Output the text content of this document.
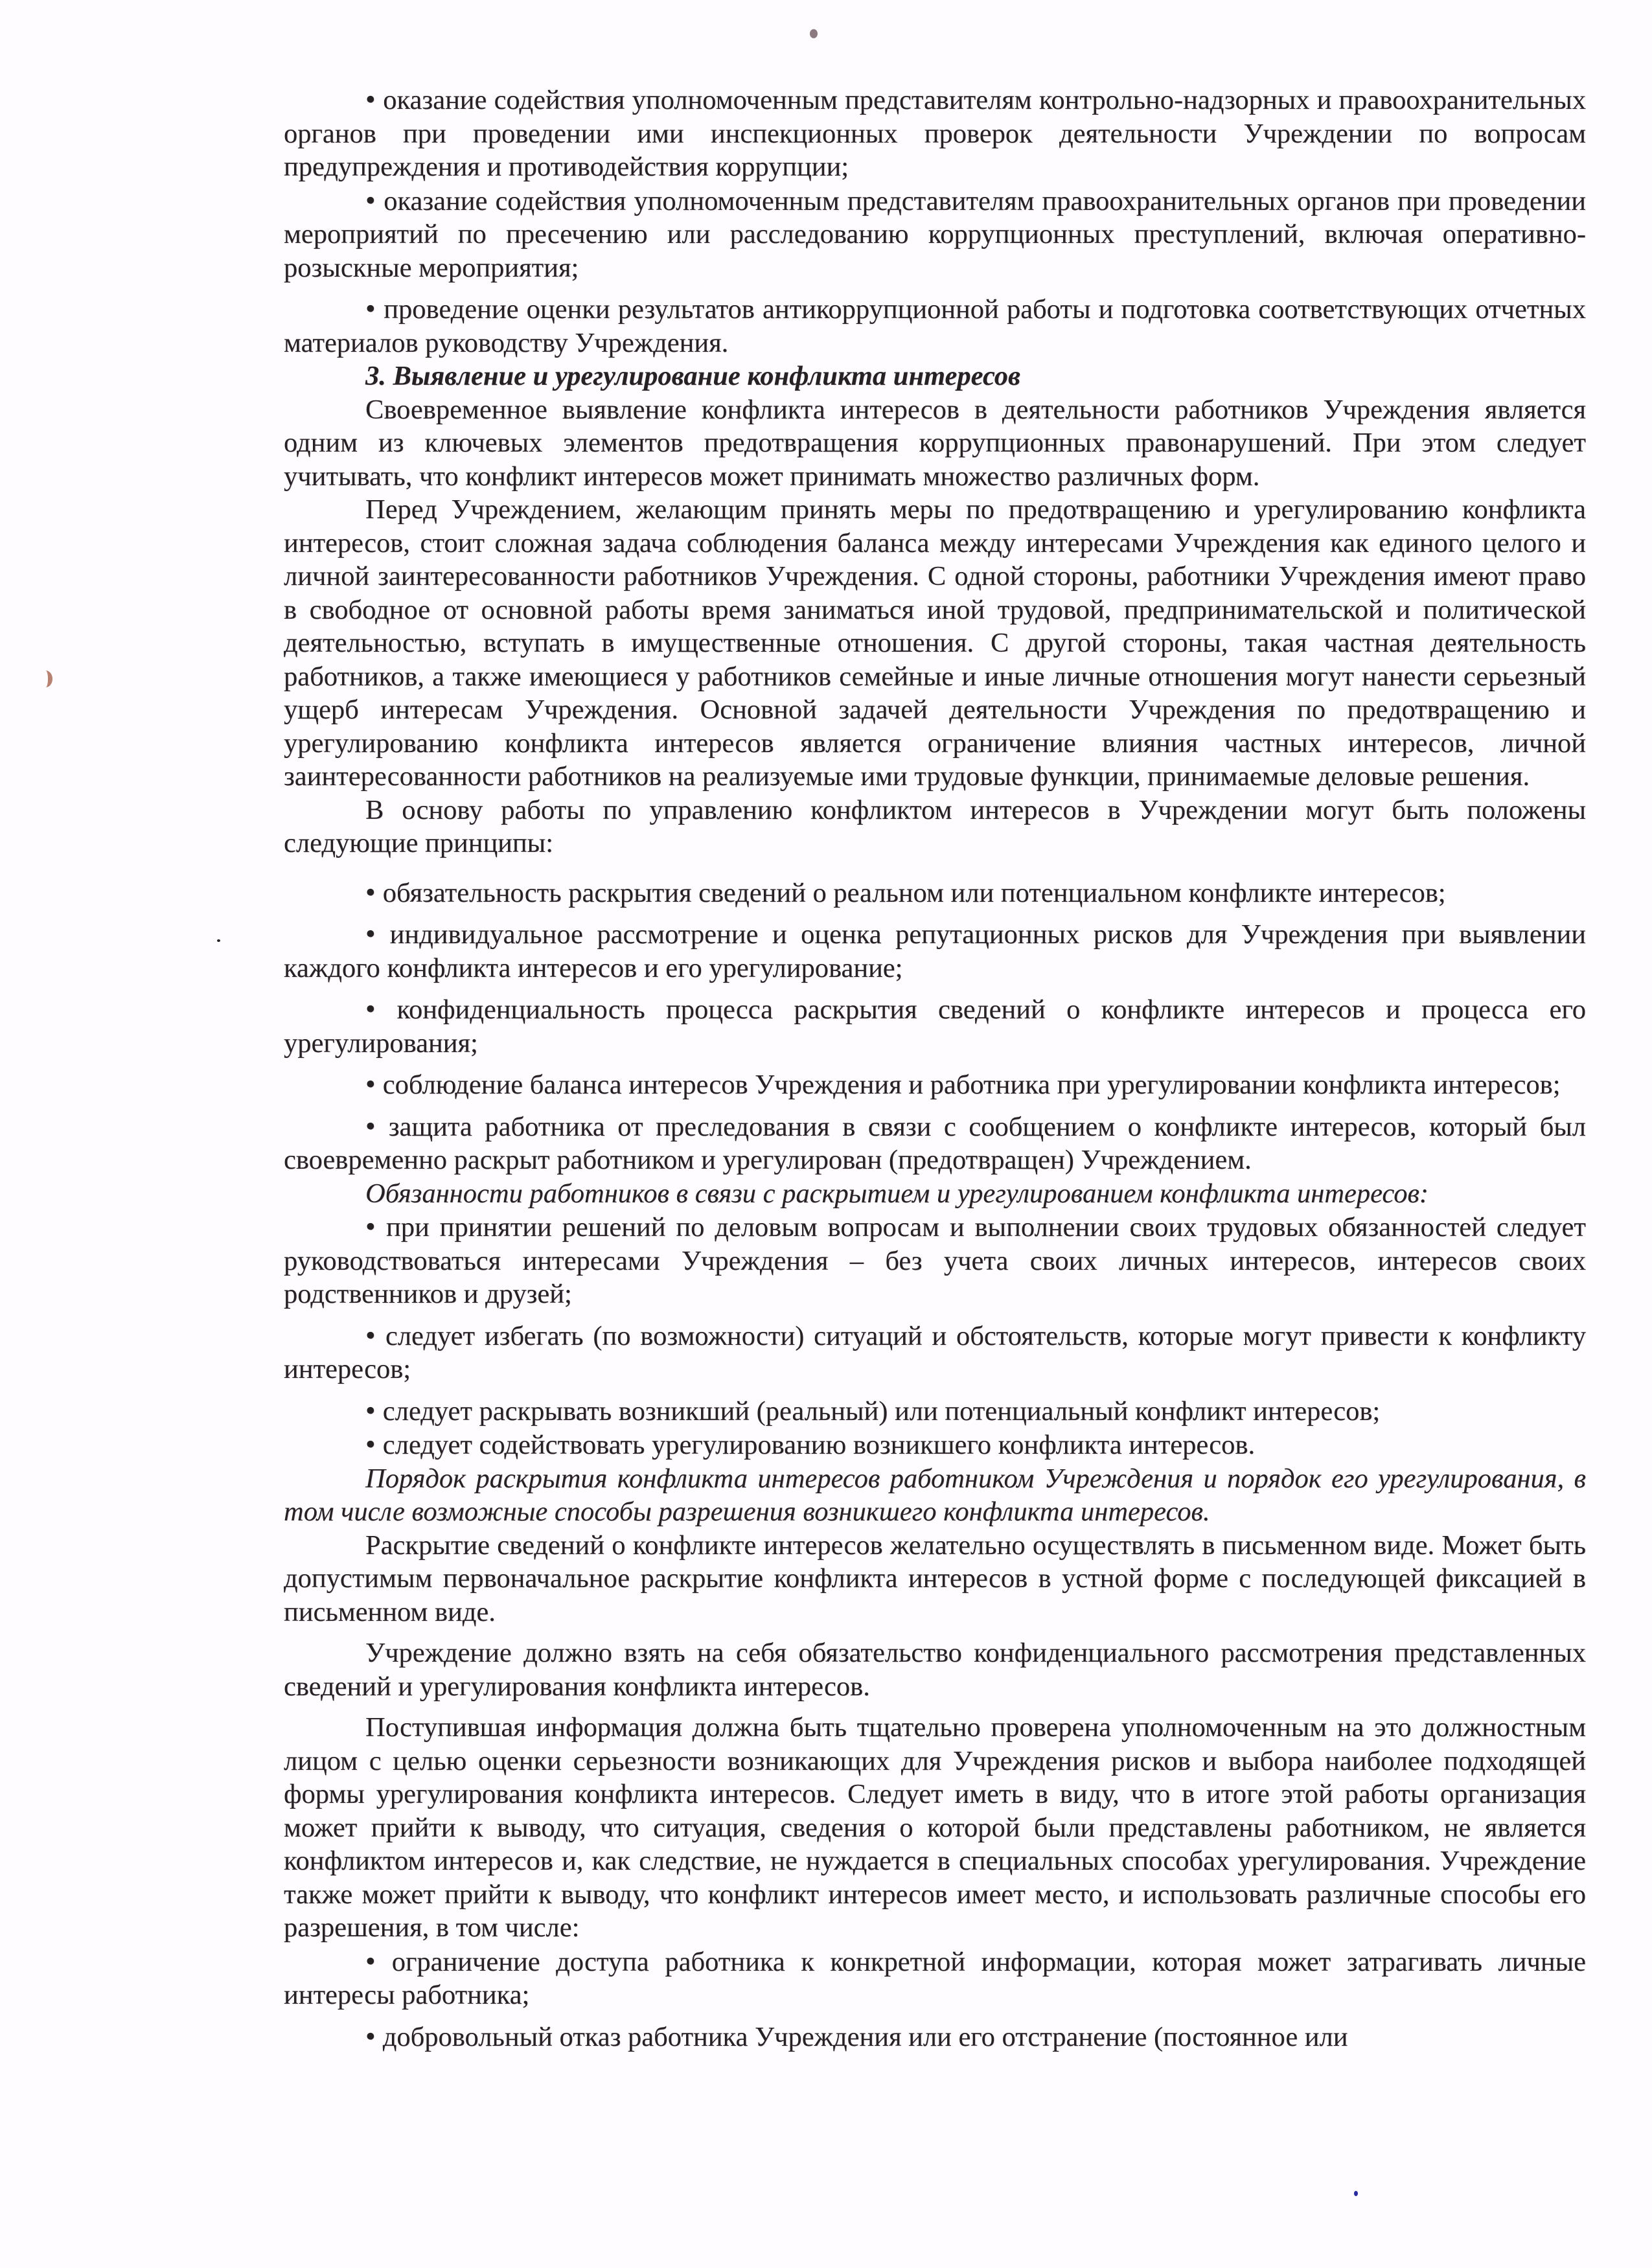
• оказание содействия уполномоченным представителям контрольно-надзорных и правоохранительных органов при проведении ими инспекционных проверок деятельности Учреждении по вопросам предупреждения и противодействия коррупции;

• оказание содействия уполномоченным представителям правоохранительных органов при проведении мероприятий по пресечению или расследованию коррупционных преступлений, включая оперативно-розыскные мероприятия;

• проведение оценки результатов антикоррупционной работы и подготовка соответствующих отчетных материалов руководству Учреждения.

3. Выявление и урегулирование конфликта интересов

Своевременное выявление конфликта интересов в деятельности работников Учреждения является одним из ключевых элементов предотвращения коррупционных правонарушений. При этом следует учитывать, что конфликт интересов может принимать множество различных форм.

Перед Учреждением, желающим принять меры по предотвращению и урегулированию конфликта интересов, стоит сложная задача соблюдения баланса между интересами Учреждения как единого целого и личной заинтересованности работников Учреждения. С одной стороны, работники Учреждения имеют право в свободное от основной работы время заниматься иной трудовой, предпринимательской и политической деятельностью, вступать в имущественные отношения. С другой стороны, такая частная деятельность работников, а также имеющиеся у работников семейные и иные личные отношения могут нанести серьезный ущерб интересам Учреждения. Основной задачей деятельности Учреждения по предотвращению и урегулированию конфликта интересов является ограничение влияния частных интересов, личной заинтересованности работников на реализуемые ими трудовые функции, принимаемые деловые решения.

В основу работы по управлению конфликтом интересов в Учреждении могут быть положены следующие принципы:

• обязательность раскрытия сведений о реальном или потенциальном конфликте интересов;

• индивидуальное рассмотрение и оценка репутационных рисков для Учреждения при выявлении каждого конфликта интересов и его урегулирование;

• конфиденциальность процесса раскрытия сведений о конфликте интересов и процесса его урегулирования;

• соблюдение баланса интересов Учреждения и работника при урегулировании конфликта интересов;

• защита работника от преследования в связи с сообщением о конфликте интересов, который был своевременно раскрыт работником и урегулирован (предотвращен) Учреждением.

Обязанности работников в связи с раскрытием и урегулированием конфликта интересов:

• при принятии решений по деловым вопросам и выполнении своих трудовых обязанностей следует руководствоваться интересами Учреждения – без учета своих личных интересов, интересов своих родственников и друзей;

• следует избегать (по возможности) ситуаций и обстоятельств, которые могут привести к конфликту интересов;

• следует раскрывать возникший (реальный) или потенциальный конфликт интересов;

• следует содействовать урегулированию возникшего конфликта интересов.

Порядок раскрытия конфликта интересов работником Учреждения и порядок его урегулирования, в том числе возможные способы разрешения возникшего конфликта интересов.

Раскрытие сведений о конфликте интересов желательно осуществлять в письменном виде. Может быть допустимым первоначальное раскрытие конфликта интересов в устной форме с последующей фиксацией в письменном виде.

Учреждение должно взять на себя обязательство конфиденциального рассмотрения представленных сведений и урегулирования конфликта интересов.

Поступившая информация должна быть тщательно проверена уполномоченным на это должностным лицом с целью оценки серьезности возникающих для Учреждения рисков и выбора наиболее подходящей формы урегулирования конфликта интересов. Следует иметь в виду, что в итоге этой работы организация может прийти к выводу, что ситуация, сведения о которой были представлены работником, не является конфликтом интересов и, как следствие, не нуждается в специальных способах урегулирования. Учреждение также может прийти к выводу, что конфликт интересов имеет место, и использовать различные способы его разрешения, в том числе:

• ограничение доступа работника к конкретной информации, которая может затрагивать личные интересы работника;

• добровольный отказ работника Учреждения или его отстранение (постоянное или
